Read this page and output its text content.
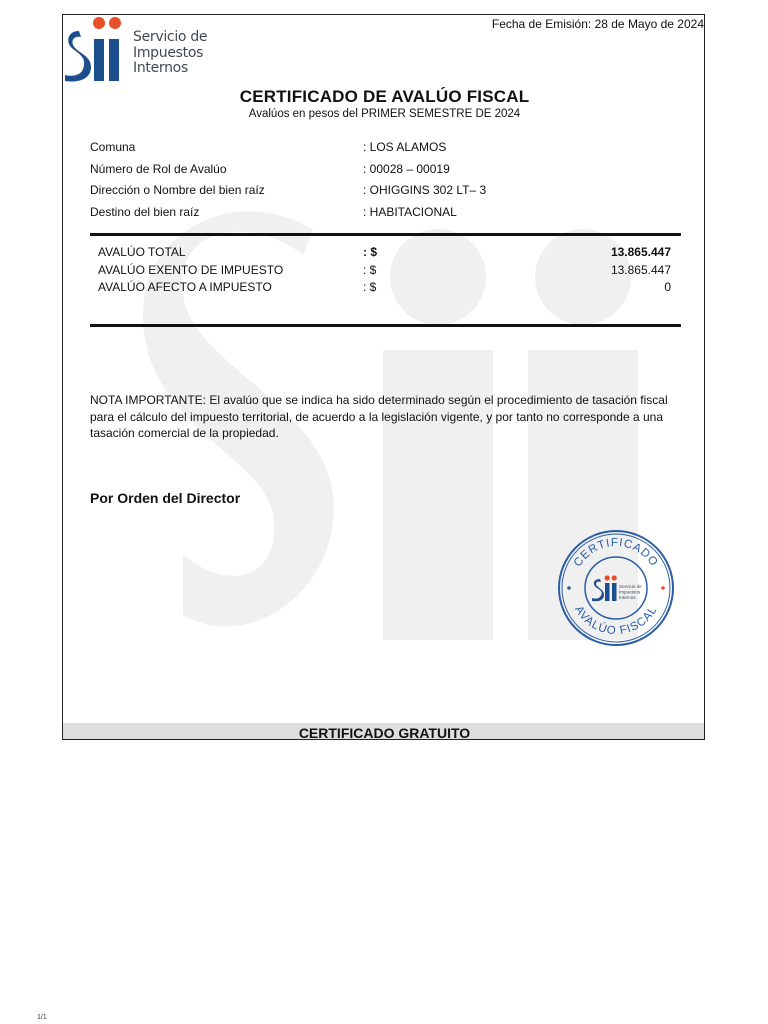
Servicio de
Impuestos
Internos
Fecha de Emisión: 28 de Mayo de 2024
CERTIFICADO DE AVALÚO FISCAL
Avalúos en pesos del PRIMER SEMESTRE DE 2024
Comuna	: LOS ALAMOS
Número de Rol de Avalúo	: 00028 – 00019
Dirección o Nombre del bien raíz	: OHIGGINS 302 LT– 3
Destino del bien raíz	: HABITACIONAL
AVALÚO TOTAL	: $	13.865.447
AVALÚO EXENTO DE IMPUESTO	: $	13.865.447
AVALÚO AFECTO A IMPUESTO	: $	0
NOTA IMPORTANTE: El avalúo que se indica ha sido determinado según el procedimiento de tasación fiscal para el cálculo del impuesto territorial, de acuerdo a la legislación vigente, y por tanto no corresponde a una tasación comercial de la propiedad.
Por Orden del Director
CERTIFICADO
AVALÚO FISCAL
Servicio de
Impuestos
Internos
CERTIFICADO GRATUITO
1/1
